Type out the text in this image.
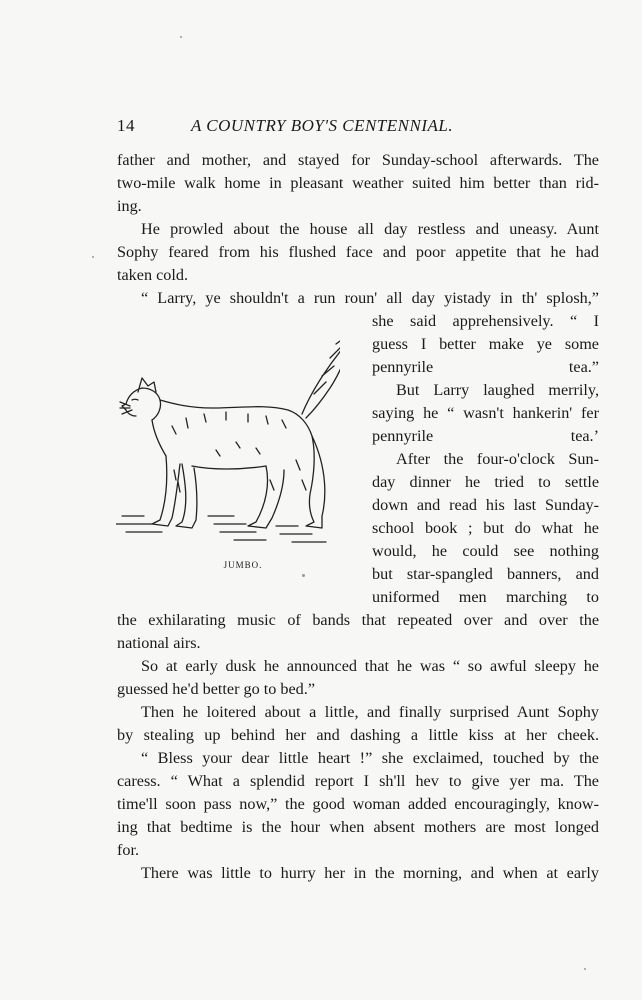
14	A COUNTRY BOY'S CENTENNIAL.
father and mother, and stayed for Sunday-school afterwards. The
two-mile walk home in pleasant weather suited him better than rid-
ing.
He prowled about the house all day restless and uneasy. Aunt
Sophy feared from his flushed face and poor appetite that he had
taken cold.
“ Larry, ye shouldn't a run roun' all day yistady in th' splosh,”
she said apprehensively. “ I
guess I better make ye some
pennyrile tea.”
But Larry laughed merrily,
saying he “ wasn't hankerin' fer
pennyrile tea.’
After the four-o'clock Sun-
day dinner he tried to settle
down and read his last Sunday-
school book ; but do what he
would, he could see nothing
but star-spangled banners, and
uniformed men marching to
the exhilarating music of bands that repeated over and over the
national airs.
So at early dusk he announced that he was “ so awful sleepy he
guessed he'd better go to bed.”
Then he loitered about a little, and finally surprised Aunt Sophy
by stealing up behind her and dashing a little kiss at her cheek.
“ Bless your dear little heart !” she exclaimed, touched by the
caress. “ What a splendid report I sh'll hev to give yer ma. The
time'll soon pass now,” the good woman added encouragingly, know-
ing that bedtime is the hour when absent mothers are most longed
for.
There was little to hurry her in the morning, and when at early
JUMBO.
